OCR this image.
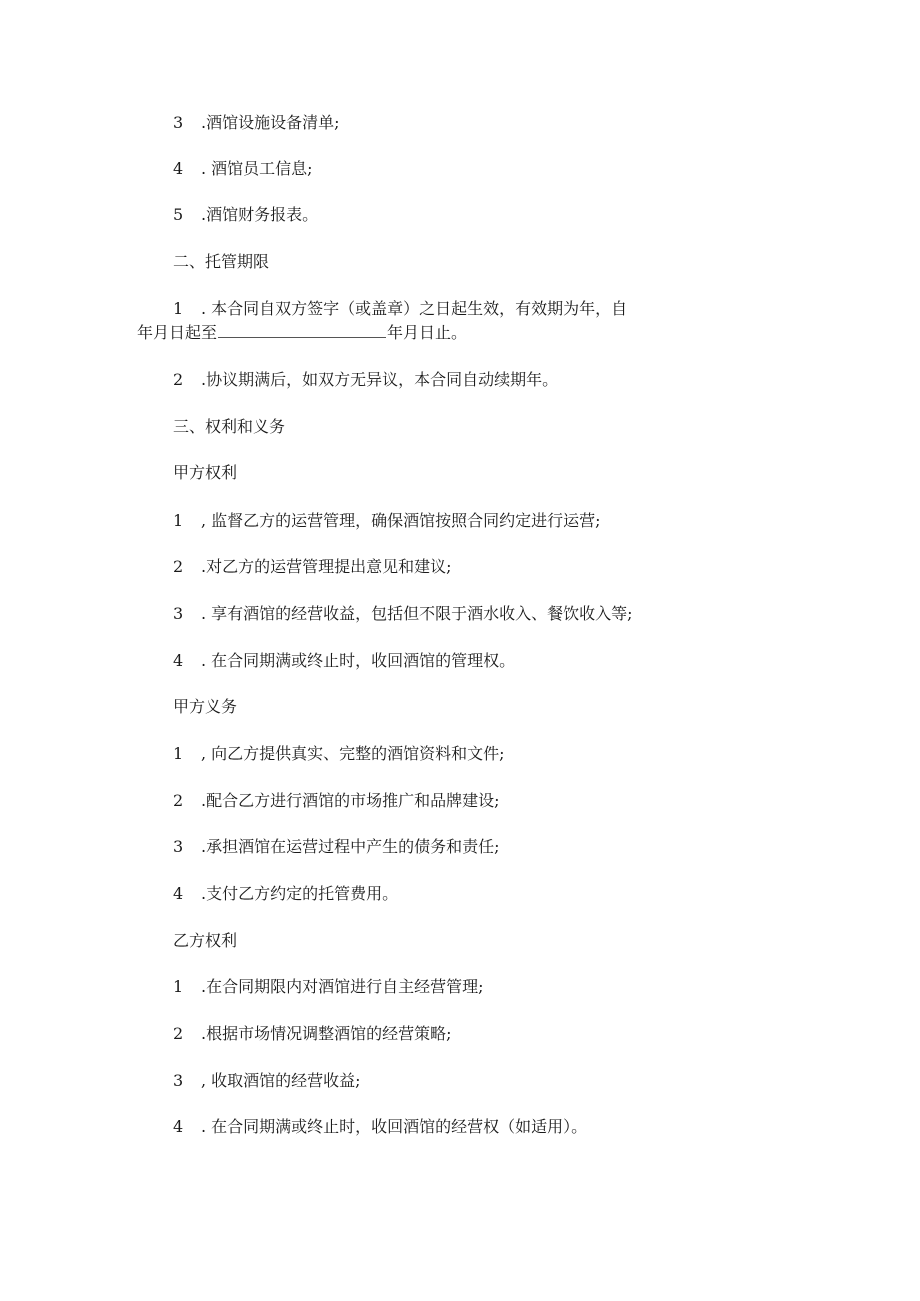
3 .酒馆设施设备清单;
4 . 酒馆员工信息;
5 .酒馆财务报表。
二、托管期限
1 . 本合同自双方签字（或盖章）之日起生效，有效期为年，自
年月日起至	年月日止。
2 .协议期满后，如双方无异议，本合同自动续期年。
三、权利和义务
甲方权利
1 , 监督乙方的运营管理，确保酒馆按照合同约定进行运营;
2 .对乙方的运营管理提出意见和建议;
3 . 享有酒馆的经营收益，包括但不限于酒水收入、餐饮收入等;
4 . 在合同期满或终止时，收回酒馆的管理权。
甲方义务
1 , 向乙方提供真实、完整的酒馆资料和文件;
2 .配合乙方进行酒馆的市场推广和品牌建设;
3 .承担酒馆在运营过程中产生的债务和责任;
4 .支付乙方约定的托管费用。
乙方权利
1 .在合同期限内对酒馆进行自主经营管理;
2 .根据市场情况调整酒馆的经营策略;
3 , 收取酒馆的经营收益;
4 . 在合同期满或终止时，收回酒馆的经营权（如适用）。
